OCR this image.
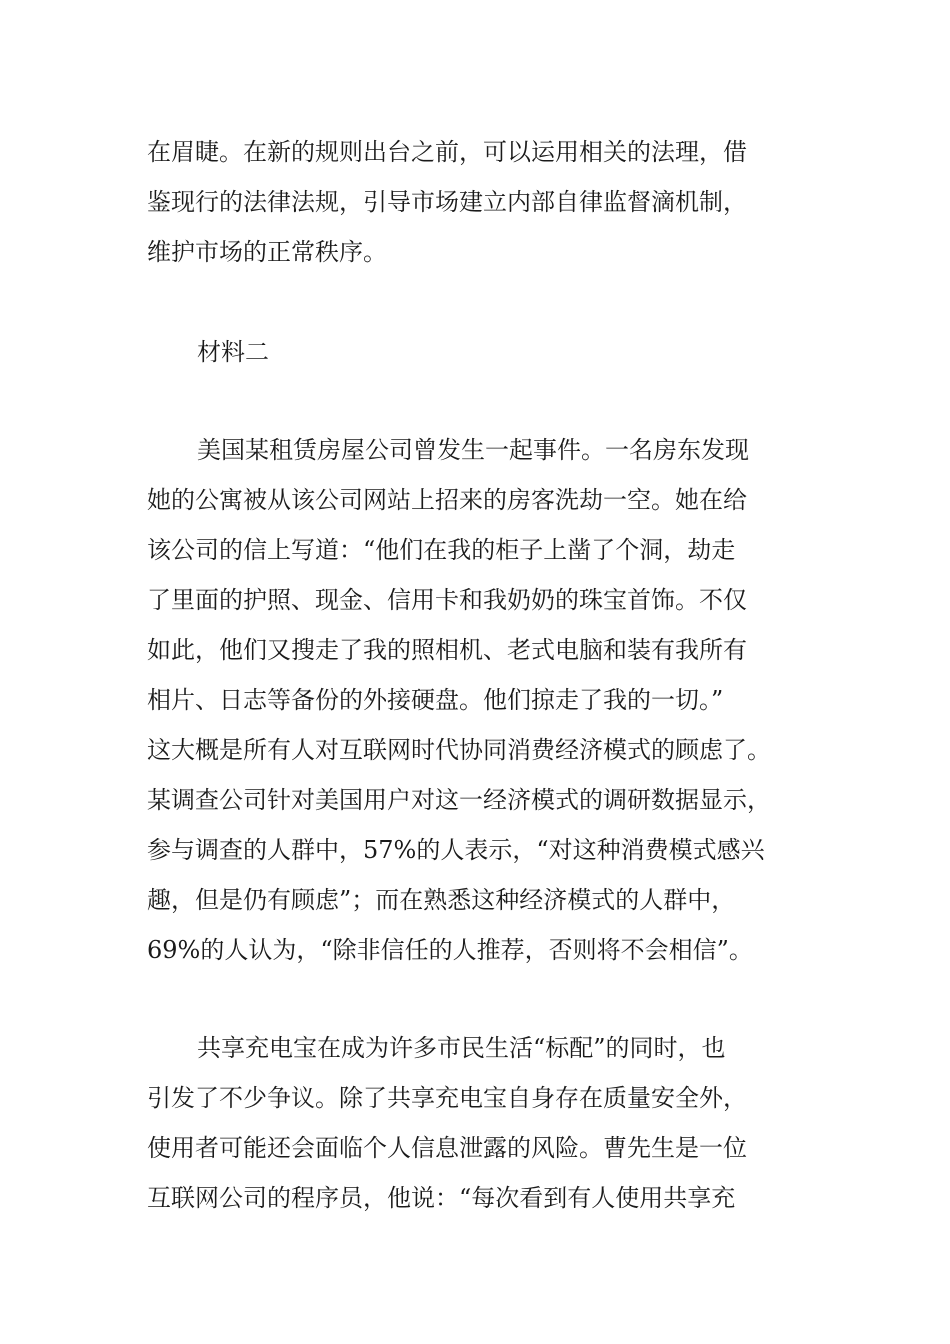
在眉睫。在新的规则出台之前，可以运用相关的法理，借
鉴现行的法律法规，引导市场建立内部自律监督滴机制，
维护市场的正常秩序。
材料二
美国某租赁房屋公司曾发生一起事件。一名房东发现
她的公寓被从该公司网站上招来的房客洗劫一空。她在给
该公司的信上写道：“他们在我的柜子上凿了个洞，劫走
了里面的护照、现金、信用卡和我奶奶的珠宝首饰。不仅
如此，他们又搜走了我的照相机、老式电脑和装有我所有
相片、日志等备份的外接硬盘。他们掠走了我的一切。”
这大概是所有人对互联网时代协同消费经济模式的顾虑了。
某调查公司针对美国用户对这一经济模式的调研数据显示，
参与调查的人群中，57%的人表示，“对这种消费模式感兴
趣，但是仍有顾虑”；而在熟悉这种经济模式的人群中，
69%的人认为，“除非信任的人推荐，否则将不会相信”。
共享充电宝在成为许多市民生活“标配”的同时，也
引发了不少争议。除了共享充电宝自身存在质量安全外，
使用者可能还会面临个人信息泄露的风险。曹先生是一位
互联网公司的程序员，他说：“每次看到有人使用共享充
